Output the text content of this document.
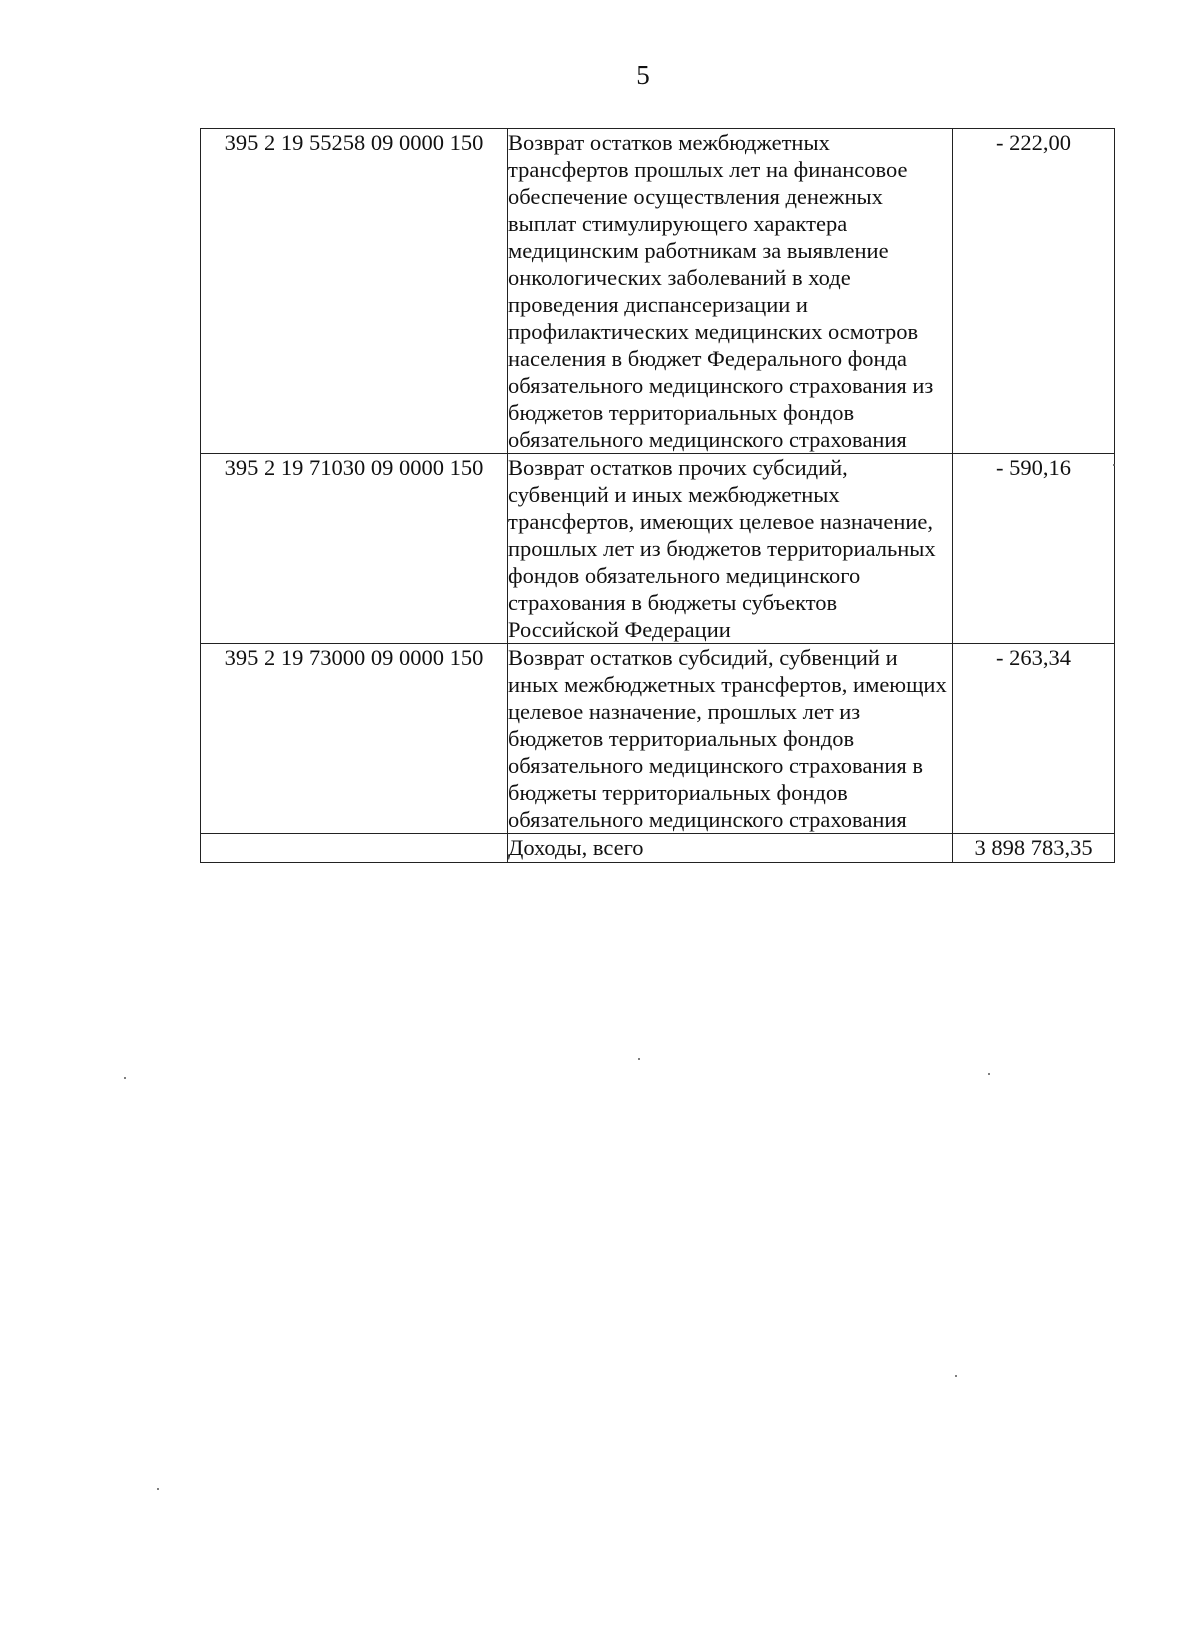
5
395 2 19 55258 09 0000 150	Возврат остатков межбюджетных трансфертов прошлых лет на финансовое обеспечение осуществления денежных выплат стимулирующего характера медицинским работникам за выявление онкологических заболеваний в ходе проведения диспансеризации и профилактических медицинских осмотров населения в бюджет Федерального фонда обязательного медицинского страхования из бюджетов территориальных фондов обязательного медицинского страхования	- 222,00
395 2 19 71030 09 0000 150	Возврат остатков прочих субсидий, субвенций и иных межбюджетных трансфертов, имеющих целевое назначение, прошлых лет из бюджетов территориальных фондов обязательного медицинского страхования в бюджеты субъектов Российской Федерации	- 590,16
395 2 19 73000 09 0000 150	Возврат остатков субсидий, субвенций и иных межбюджетных трансфертов, имеющих целевое назначение, прошлых лет из бюджетов территориальных фондов обязательного медицинского страхования в бюджеты территориальных фондов обязательного медицинского страхования	- 263,34
	Доходы, всего	3 898 783,35
